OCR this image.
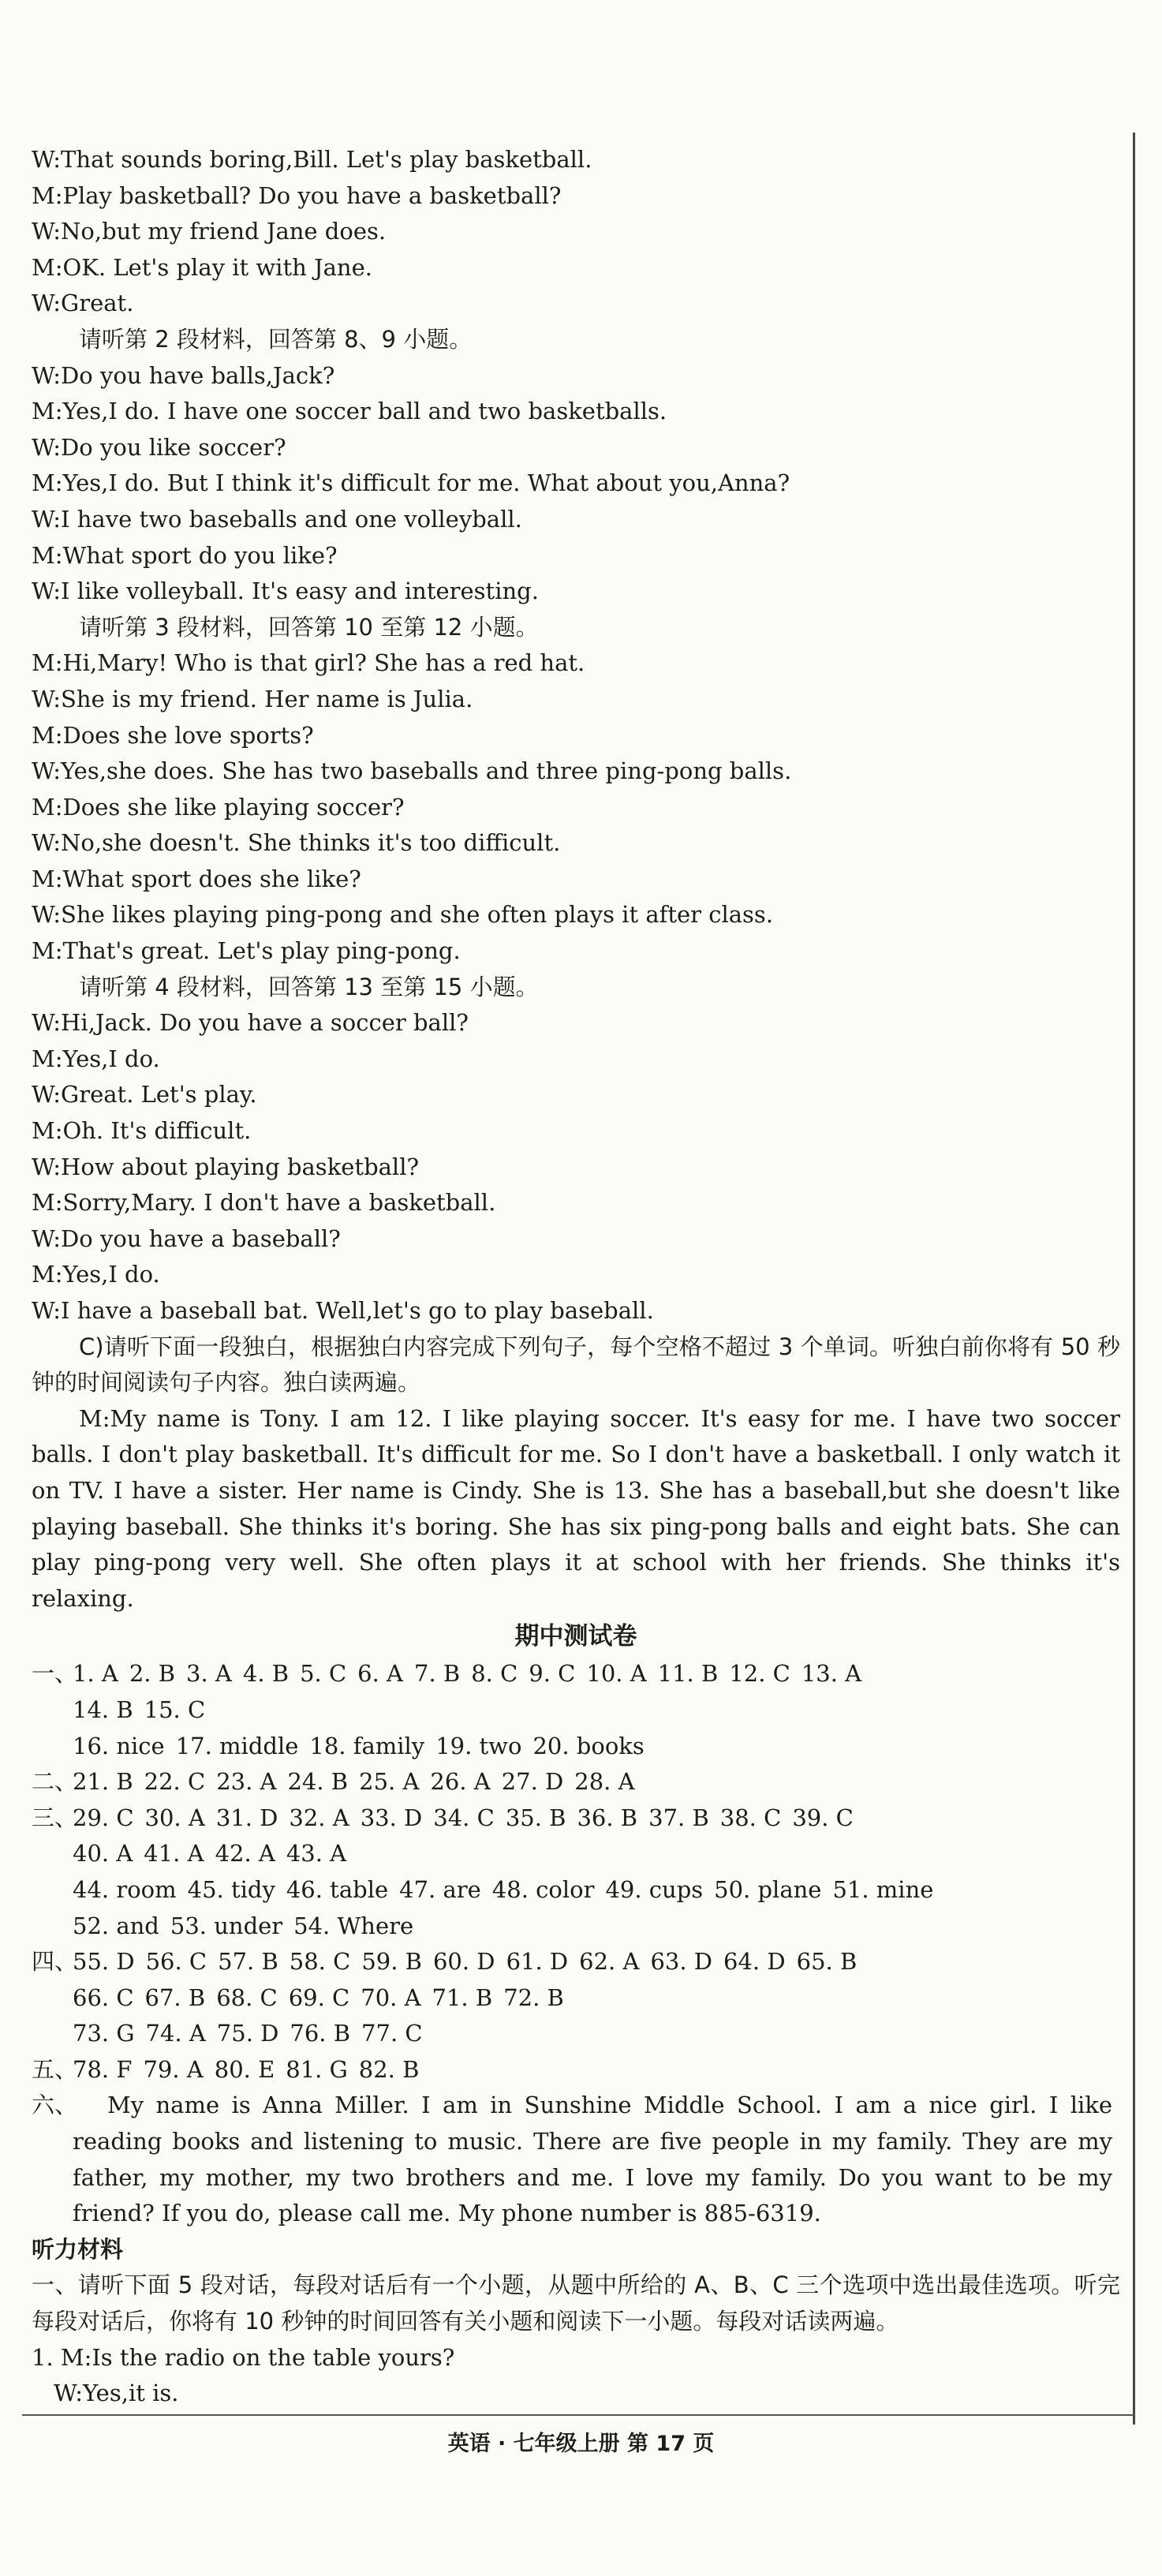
W:That sounds boring,Bill. Let's play basketball.
M:Play basketball? Do you have a basketball?
W:No,but my friend Jane does.
M:OK. Let's play it with Jane.
W:Great.
请听第 2 段材料，回答第 8、9 小题。
W:Do you have balls,Jack?
M:Yes,I do. I have one soccer ball and two basketballs.
W:Do you like soccer?
M:Yes,I do. But I think it's difficult for me. What about you,Anna?
W:I have two baseballs and one volleyball.
M:What sport do you like?
W:I like volleyball. It's easy and interesting.
请听第 3 段材料，回答第 10 至第 12 小题。
M:Hi,Mary! Who is that girl? She has a red hat.
W:She is my friend. Her name is Julia.
M:Does she love sports?
W:Yes,she does. She has two baseballs and three ping-pong balls.
M:Does she like playing soccer?
W:No,she doesn't. She thinks it's too difficult.
M:What sport does she like?
W:She likes playing ping-pong and she often plays it after class.
M:That's great. Let's play ping-pong.
请听第 4 段材料，回答第 13 至第 15 小题。
W:Hi,Jack. Do you have a soccer ball?
M:Yes,I do.
W:Great. Let's play.
M:Oh. It's difficult.
W:How about playing basketball?
M:Sorry,Mary. I don't have a basketball.
W:Do you have a baseball?
M:Yes,I do.
W:I have a baseball bat. Well,let's go to play baseball.
C)请听下面一段独白，根据独白内容完成下列句子，每个空格不超过 3 个单词。听独白前你将有 50 秒钟的时间阅读句子内容。独白读两遍。
M:My name is Tony. I am 12. I like playing soccer. It's easy for me. I have two soccer balls. I don't play basketball. It's difficult for me. So I don't have a basketball. I only watch it on TV. I have a sister. Her name is Cindy. She is 13. She has a baseball,but she doesn't like playing baseball. She thinks it's boring. She has six ping-pong balls and eight bats. She can play ping-pong very well. She often plays it at school with her friends. She thinks it's relaxing.
期中测试卷
一、1. A 2. B 3. A 4. B 5. C 6. A 7. B 8. C 9. C 10. A 11. B 12. C 13. A
14. B 15. C
16. nice 17. middle 18. family 19. two 20. books
二、21. B 22. C 23. A 24. B 25. A 26. A 27. D 28. A
三、29. C 30. A 31. D 32. A 33. D 34. C 35. B 36. B 37. B 38. C 39. C
40. A 41. A 42. A 43. A
44. room 45. tidy 46. table 47. are 48. color 49. cups 50. plane 51. mine
52. and 53. under 54. Where
四、55. D 56. C 57. B 58. C 59. B 60. D 61. D 62. A 63. D 64. D 65. B
66. C 67. B 68. C 69. C 70. A 71. B 72. B
73. G 74. A 75. D 76. B 77. C
五、78. F 79. A 80. E 81. G 82. B
六、	My name is Anna Miller. I am in Sunshine Middle School. I am a nice girl. I like reading books and listening to music. There are five people in my family. They are my father, my mother, my two brothers and me. I love my family. Do you want to be my friend? If you do, please call me. My phone number is 885-6319.
听力材料
一、请听下面 5 段对话，每段对话后有一个小题，从题中所给的 A、B、C 三个选项中选出最佳选项。听完每段对话后，你将有 10 秒钟的时间回答有关小题和阅读下一小题。每段对话读两遍。
1. M:Is the radio on the table yours?
W:Yes,it is.
英语 · 七年级上册 第 17 页
